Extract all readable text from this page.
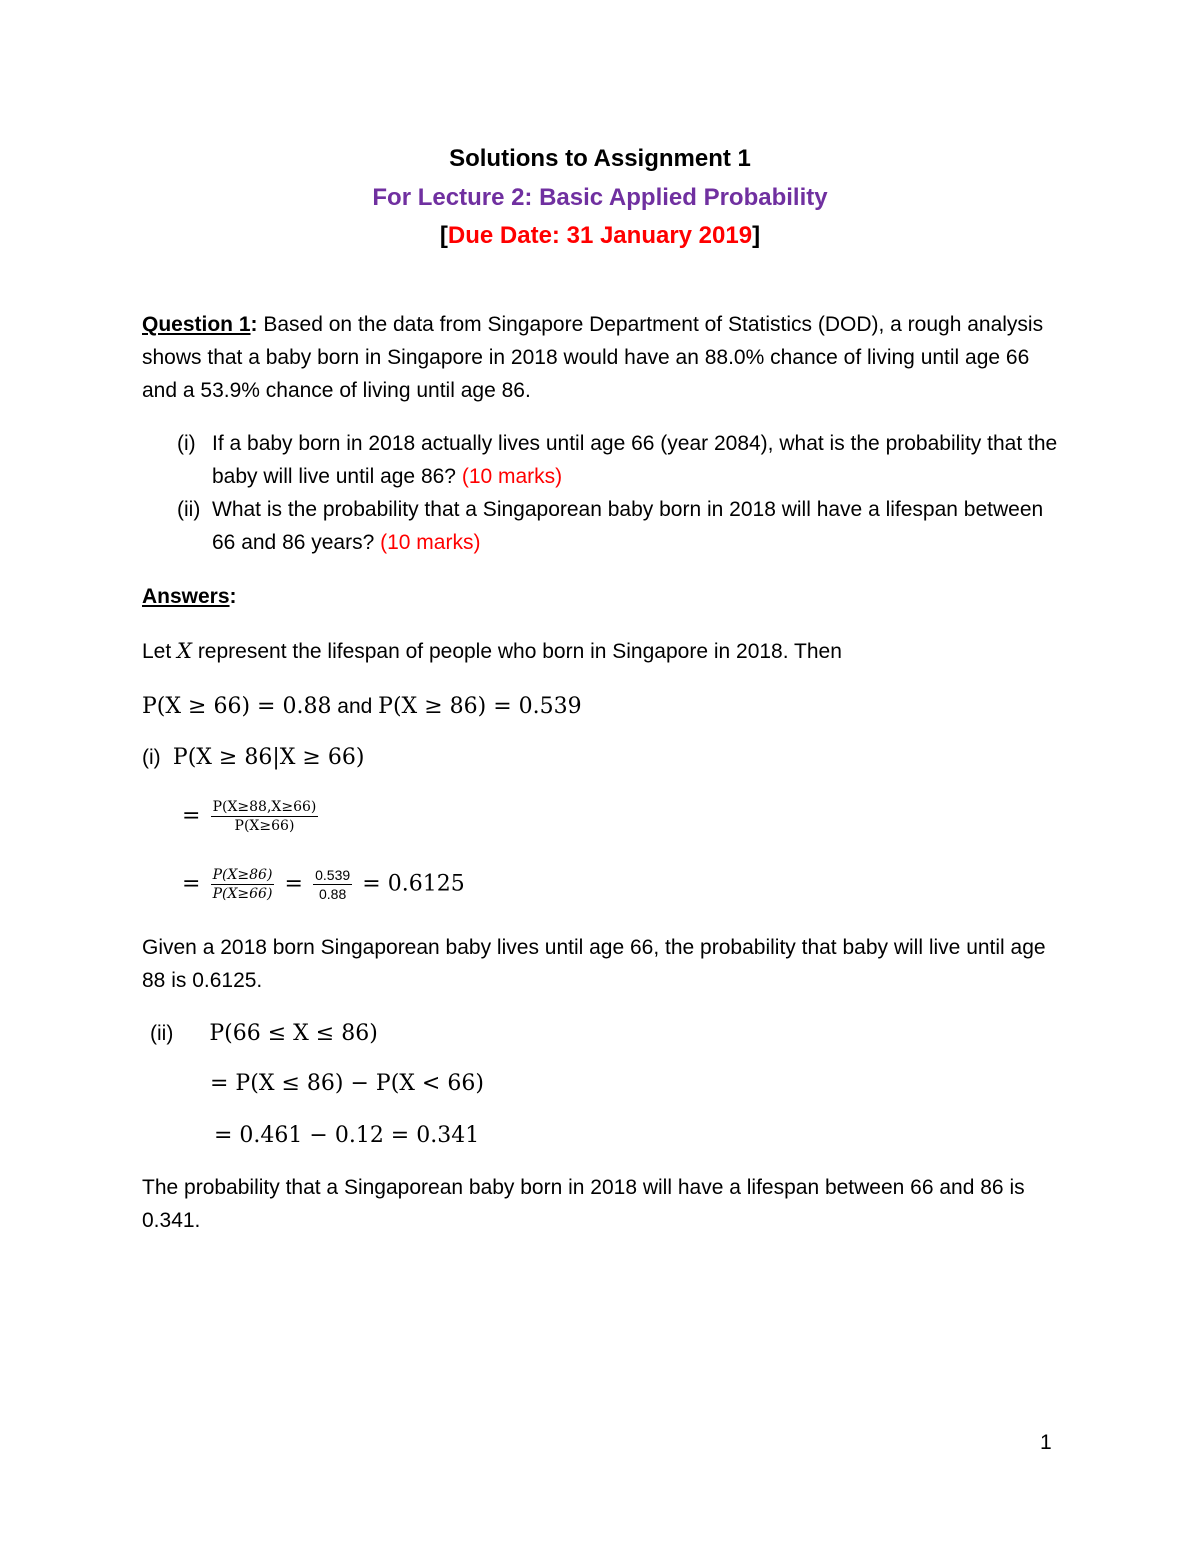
Solutions to Assignment 1
For Lecture 2: Basic Applied Probability
[Due Date: 31 January 2019]
Question 1: Based on the data from Singapore Department of Statistics (DOD), a rough analysis shows that a baby born in Singapore in 2018 would have an 88.0% chance of living until age 66 and a 53.9% chance of living until age 86.
(i) If a baby born in 2018 actually lives until age 66 (year 2084), what is the probability that the baby will live until age 86? (10 marks)
(ii) What is the probability that a Singaporean baby born in 2018 will have a lifespan between 66 and 86 years? (10 marks)
Answers:
Let X represent the lifespan of people who born in Singapore in 2018. Then
P(X ≥ 66) = 0.88 and P(X ≥ 86) = 0.539
(i) P(X ≥ 86|X ≥ 66)
= $\frac{P(X\ge 88,X\ge 66)}{P(X\ge 66)}$
= $\frac{P(X\ge 86)}{P(X\ge 66)} = \frac{0.539}{0.88} = 0.6125$
Given a 2018 born Singaporean baby lives until age 66, the probability that baby will live until age 88 is 0.6125.
(ii) P(66 ≤ X ≤ 86)
= P(X ≤ 86) − P(X < 66)
= 0.461 − 0.12 = 0.341
The probability that a Singaporean baby born in 2018 will have a lifespan between 66 and 86 is 0.341.
1
